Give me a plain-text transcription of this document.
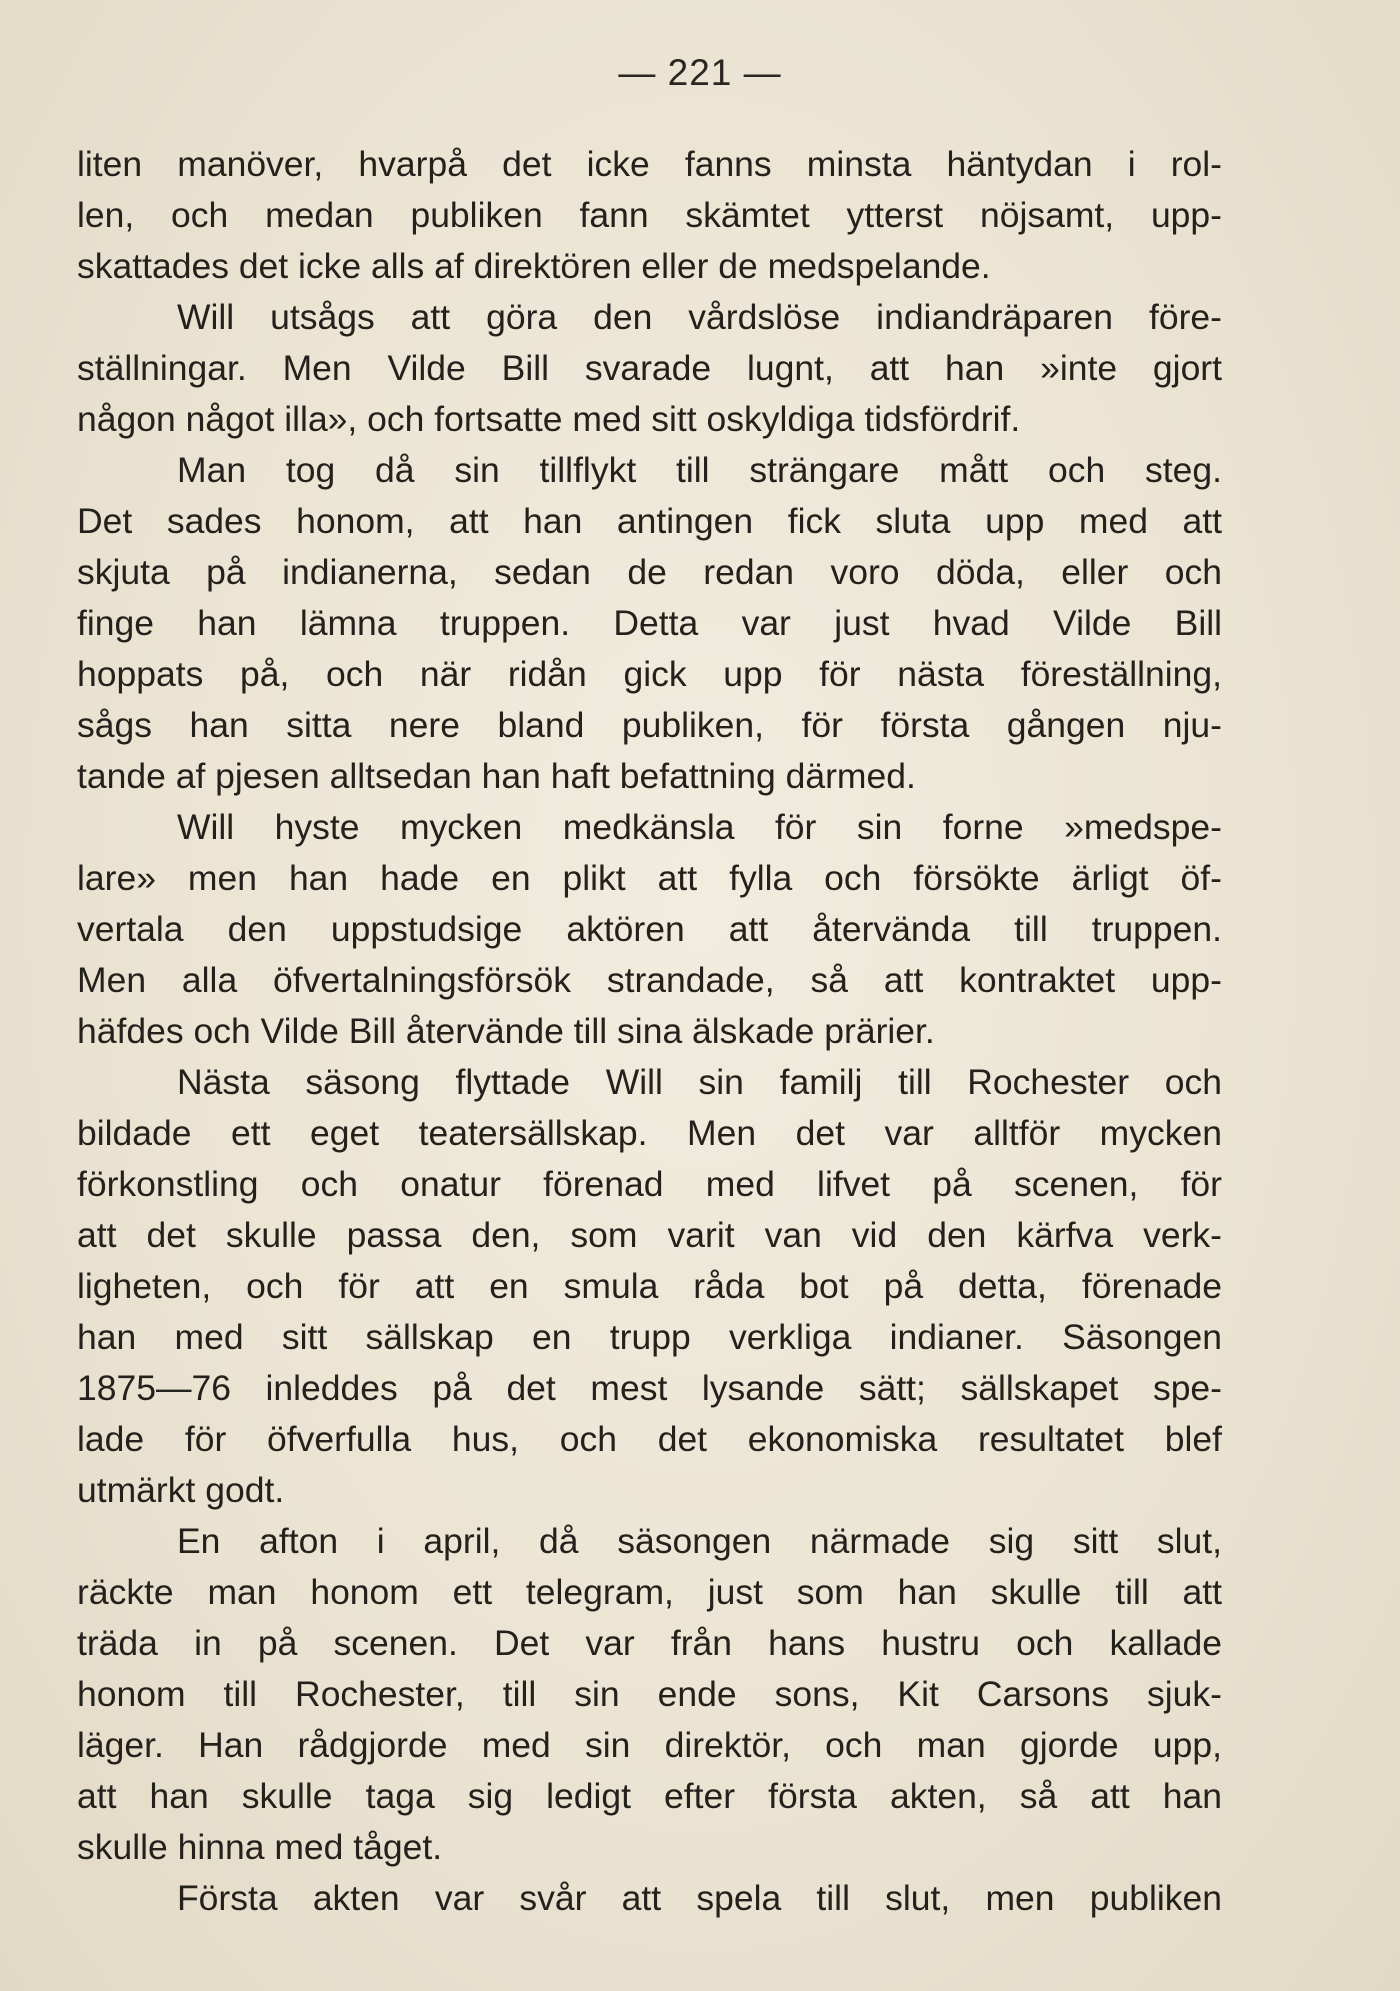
— 221 —
liten manöver, hvarpå det icke fanns minsta häntydan i rol-
len, och medan publiken fann skämtet ytterst nöjsamt, upp-
skattades det icke alls af direktören eller de medspelande.
Will utsågs att göra den vårdslöse indiandräparen före-
ställningar. Men Vilde Bill svarade lugnt, att han »inte gjort
någon något illa», och fortsatte med sitt oskyldiga tidsfördrif.
Man tog då sin tillflykt till strängare mått och steg.
Det sades honom, att han antingen fick sluta upp med att
skjuta på indianerna, sedan de redan voro döda, eller och
finge han lämna truppen. Detta var just hvad Vilde Bill
hoppats på, och när ridån gick upp för nästa föreställning,
sågs han sitta nere bland publiken, för första gången nju-
tande af pjesen alltsedan han haft befattning därmed.
Will hyste mycken medkänsla för sin forne »medspe-
lare» men han hade en plikt att fylla och försökte ärligt öf-
vertala den uppstudsige aktören att återvända till truppen.
Men alla öfvertalningsförsök strandade, så att kontraktet upp-
häfdes och Vilde Bill återvände till sina älskade prärier.
Nästa säsong flyttade Will sin familj till Rochester och
bildade ett eget teatersällskap. Men det var alltför mycken
förkonstling och onatur förenad med lifvet på scenen, för
att det skulle passa den, som varit van vid den kärfva verk-
ligheten, och för att en smula råda bot på detta, förenade
han med sitt sällskap en trupp verkliga indianer. Säsongen
1875—76 inleddes på det mest lysande sätt; sällskapet spe-
lade för öfverfulla hus, och det ekonomiska resultatet blef
utmärkt godt.
En afton i april, då säsongen närmade sig sitt slut,
räckte man honom ett telegram, just som han skulle till att
träda in på scenen. Det var från hans hustru och kallade
honom till Rochester, till sin ende sons, Kit Carsons sjuk-
läger. Han rådgjorde med sin direktör, och man gjorde upp,
att han skulle taga sig ledigt efter första akten, så att han
skulle hinna med tåget.
Första akten var svår att spela till slut, men publiken
